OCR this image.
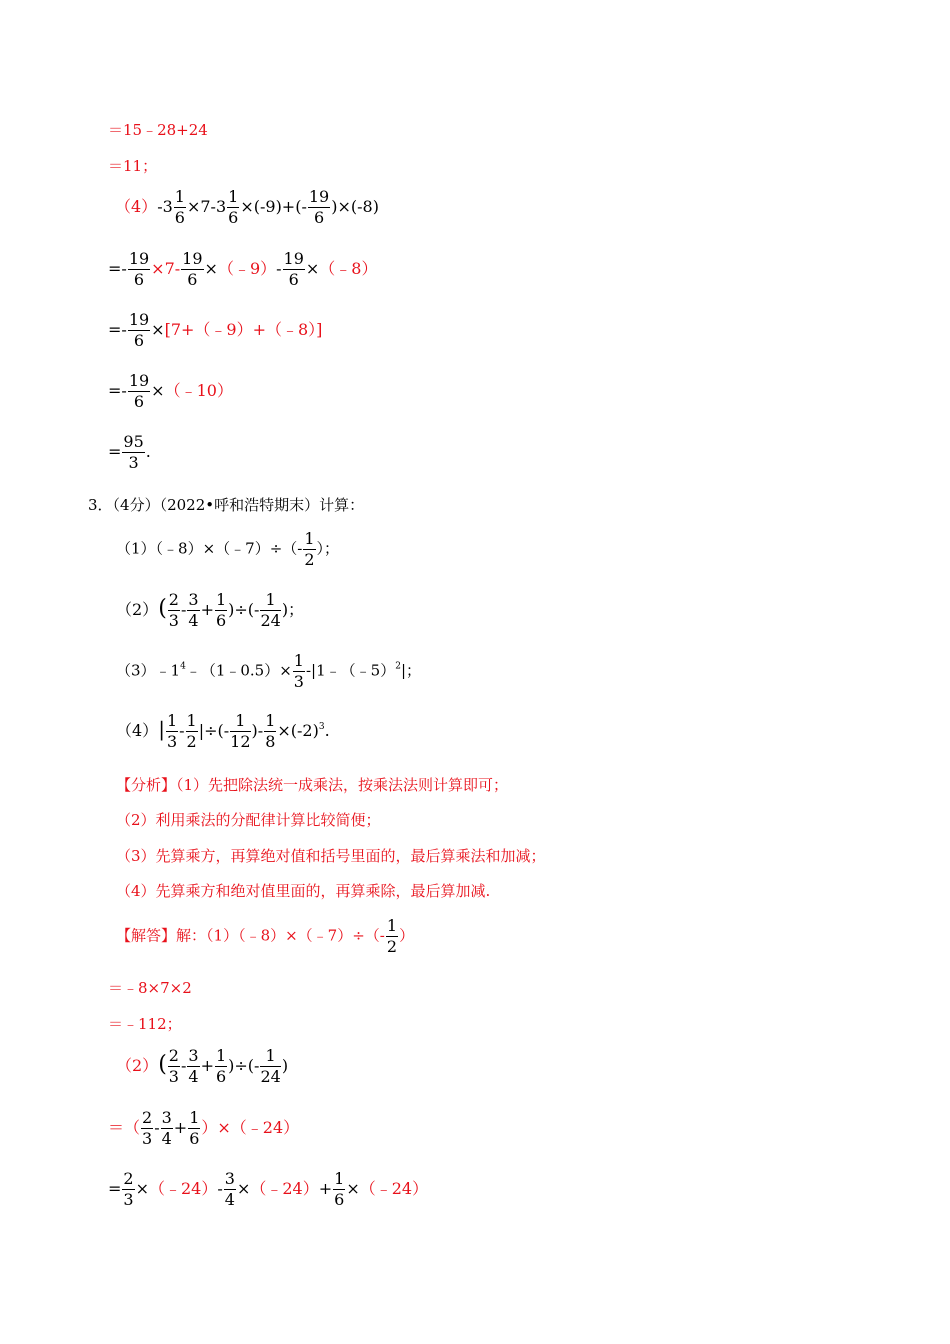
＝15﹣28+24
＝11；
$(4)-3 \frac{1}{6} \times 7-3 \frac{1}{6} \times(-9)+(- \frac{19}{6} )\times(-8)$
=- $\frac{19}{6} \times 7- \frac{19}{6}$ ×（﹣9）- $\frac{19}{6}$ ×（﹣8）
=- $\frac{19}{6}$ ×[7+（﹣9）+（﹣8）]
=- $\frac{19}{6}$ ×（﹣10）
= $\frac{95}{3}$ .
3．（4分）（2022•呼和浩特期末）计算：
（1）（﹣8）×（﹣7）÷（- $\frac{1}{2}$ ）；
$(2)( \frac{2}{3} - \frac{3}{4} + \frac{1}{6}$ )÷(- $\frac{1}{24}$ )；
$(3)﹣1^4﹣(1﹣0.5)\times \frac{1}{3}$ -|1﹣（﹣5）$^2$|；
$(4)| \frac{1}{3} - \frac{1}{2}$ |÷(- $\frac{1}{12}$ )- $\frac{1}{8} \times(-2)^3$.
【分析】（1）先把除法统一成乘法，按乘法法则计算即可；
（2）利用乘法的分配律计算比较简便；
（3）先算乘方，再算绝对值和括号里面的，最后算乘法和加减；
（4）先算乘方和绝对值里面的，再算乘除，最后算加减.
【解答】解：（1）（﹣8）×（﹣7）÷（- $\frac{1}{2}$ ）
＝﹣8×7×2
＝﹣112；
$(2)( \frac{2}{3} - \frac{3}{4} + \frac{1}{6}$ )÷(- $\frac{1}{24}$ )
＝（ $\frac{2}{3} - \frac{3}{4} + \frac{1}{6}$ ）×（﹣24）
= $\frac{2}{3}$ ×（﹣24）- $\frac{3}{4}$ ×（﹣24）+ $\frac{1}{6}$ ×（﹣24）
